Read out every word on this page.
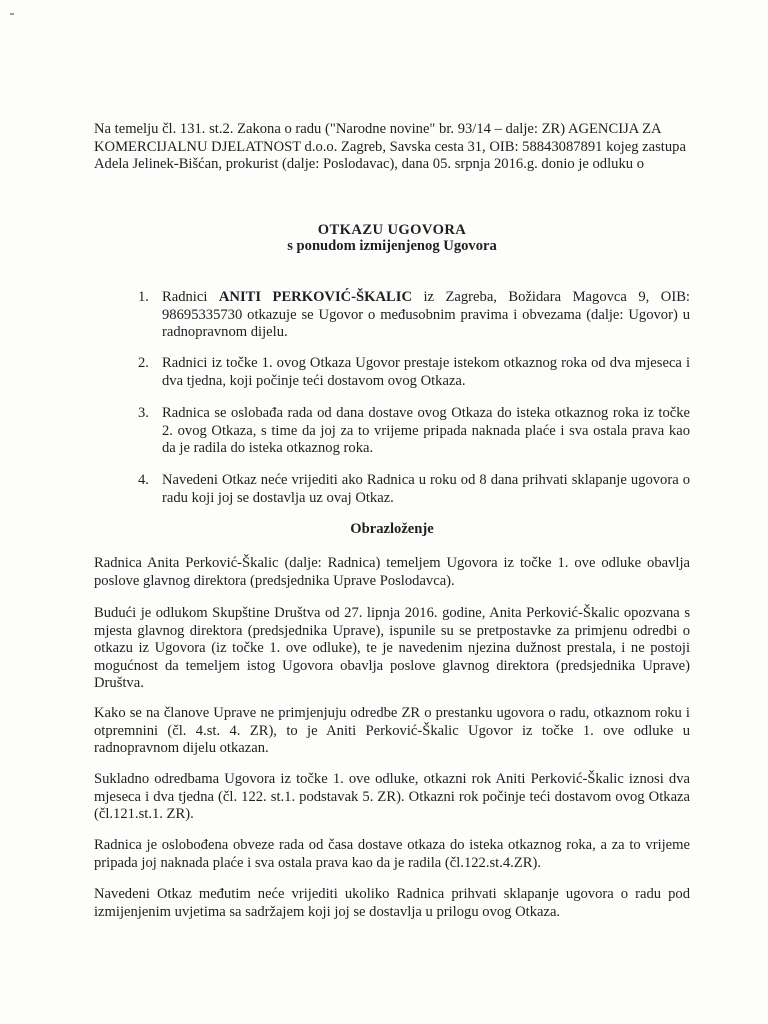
Na temelju čl. 131. st.2. Zakona o radu ("Narodne novine" br. 93/14 – dalje: ZR) AGENCIJA ZA KOMERCIJALNU DJELATNOST d.o.o. Zagreb, Savska cesta 31, OIB: 58843087891 kojeg zastupa Adela Jelinek-Bišćan, prokurist (dalje: Poslodavac), dana 05. srpnja 2016.g. donio je odluku o
OTKAZU UGOVORA
s ponudom izmijenjenog Ugovora
1. Radnici ANITI PERKOVIĆ-ŠKALIC iz Zagreba, Božidara Magovca 9, OIB: 98695335730 otkazuje se Ugovor o međusobnim pravima i obvezama (dalje: Ugovor) u radnopravnom dijelu.
2. Radnici iz točke 1. ovog Otkaza Ugovor prestaje istekom otkaznog roka od dva mjeseca i dva tjedna, koji počinje teći dostavom ovog Otkaza.
3. Radnica se oslobađa rada od dana dostave ovog Otkaza do isteka otkaznog roka iz točke 2. ovog Otkaza, s time da joj za to vrijeme pripada naknada plaće i sva ostala prava kao da je radila do isteka otkaznog roka.
4. Navedeni Otkaz neće vrijediti ako Radnica u roku od 8 dana prihvati sklapanje ugovora o radu koji joj se dostavlja uz ovaj Otkaz.
Obrazloženje
Radnica Anita Perković-Škalic (dalje: Radnica) temeljem Ugovora iz točke 1. ove odluke obavlja poslove glavnog direktora (predsjednika Uprave Poslodavca).
Budući je odlukom Skupštine Društva od 27. lipnja 2016. godine, Anita Perković-Škalic opozvana s mjesta glavnog direktora (predsjednika Uprave), ispunile su se pretpostavke za primjenu odredbi o otkazu iz Ugovora (iz točke 1. ove odluke), te je navedenim njezina dužnost prestala, i ne postoji mogućnost da temeljem istog Ugovora obavlja poslove glavnog direktora (predsjednika Uprave) Društva.
Kako se na članove Uprave ne primjenjuju odredbe ZR o prestanku ugovora o radu, otkaznom roku i otpremnini (čl. 4.st. 4. ZR), to je Aniti Perković-Škalic Ugovor iz točke 1. ove odluke u radnopravnom dijelu otkazan.
Sukladno odredbama Ugovora iz točke 1. ove odluke, otkazni rok Aniti Perković-Škalic iznosi dva mjeseca i dva tjedna (čl. 122. st.1. podstavak 5. ZR). Otkazni rok počinje teći dostavom ovog Otkaza (čl.121.st.1. ZR).
Radnica je oslobođena obveze rada od časa dostave otkaza do isteka otkaznog roka, a za to vrijeme pripada joj naknada plaće i sva ostala prava kao da je radila (čl.122.st.4.ZR).
Navedeni Otkaz međutim neće vrijediti ukoliko Radnica prihvati sklapanje ugovora o radu pod izmijenjenim uvjetima sa sadržajem koji joj se dostavlja u prilogu ovog Otkaza.
